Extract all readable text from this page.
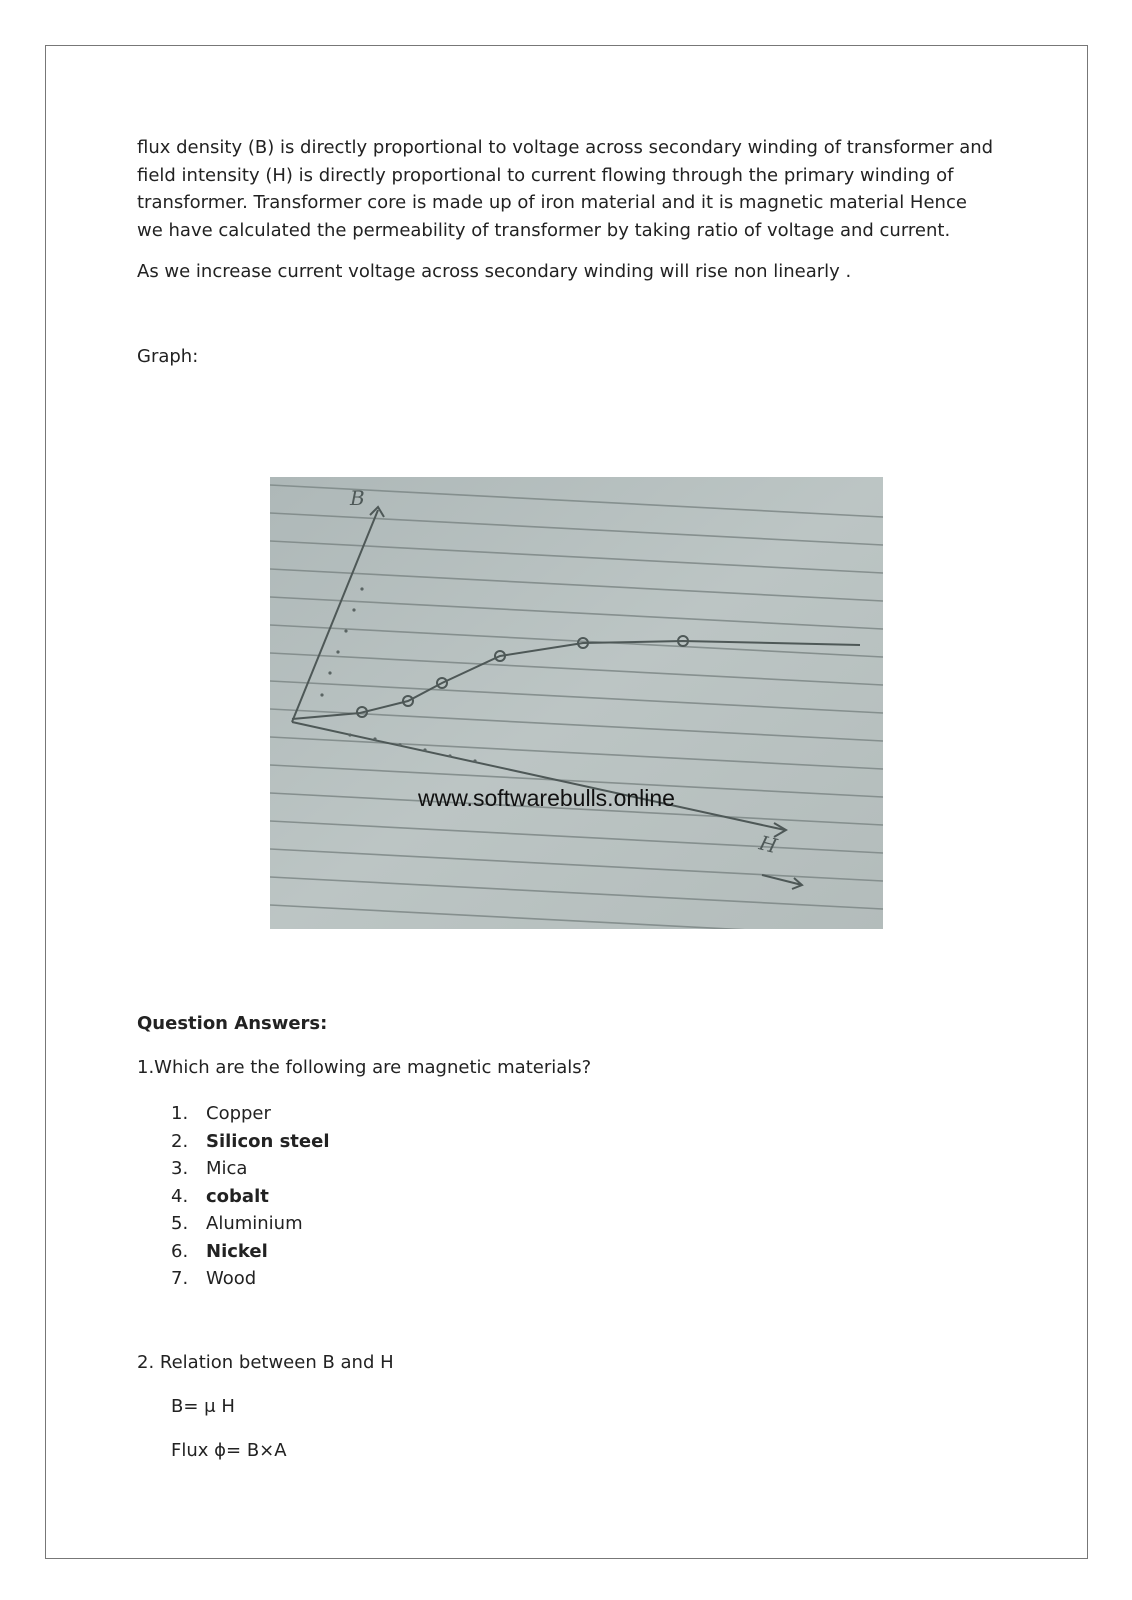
flux density (B) is directly proportional to voltage across secondary winding of transformer and field intensity (H) is directly proportional to current flowing through the primary winding of transformer. Transformer core is made up of iron material and it is magnetic material Hence we have calculated the permeability of transformer by taking ratio of voltage and current.

As we increase current voltage across secondary winding will rise non linearly .

Graph:

H
B
www.softwarebulls.online
Question Answers:
1.Which are the following are magnetic materials?
1. Copper
2. Silicon steel
3. Mica
4. cobalt
5. Aluminium
6. Nickel
7. Wood
2. Relation between B and H
B= μ H
Flux ϕ= B×A
